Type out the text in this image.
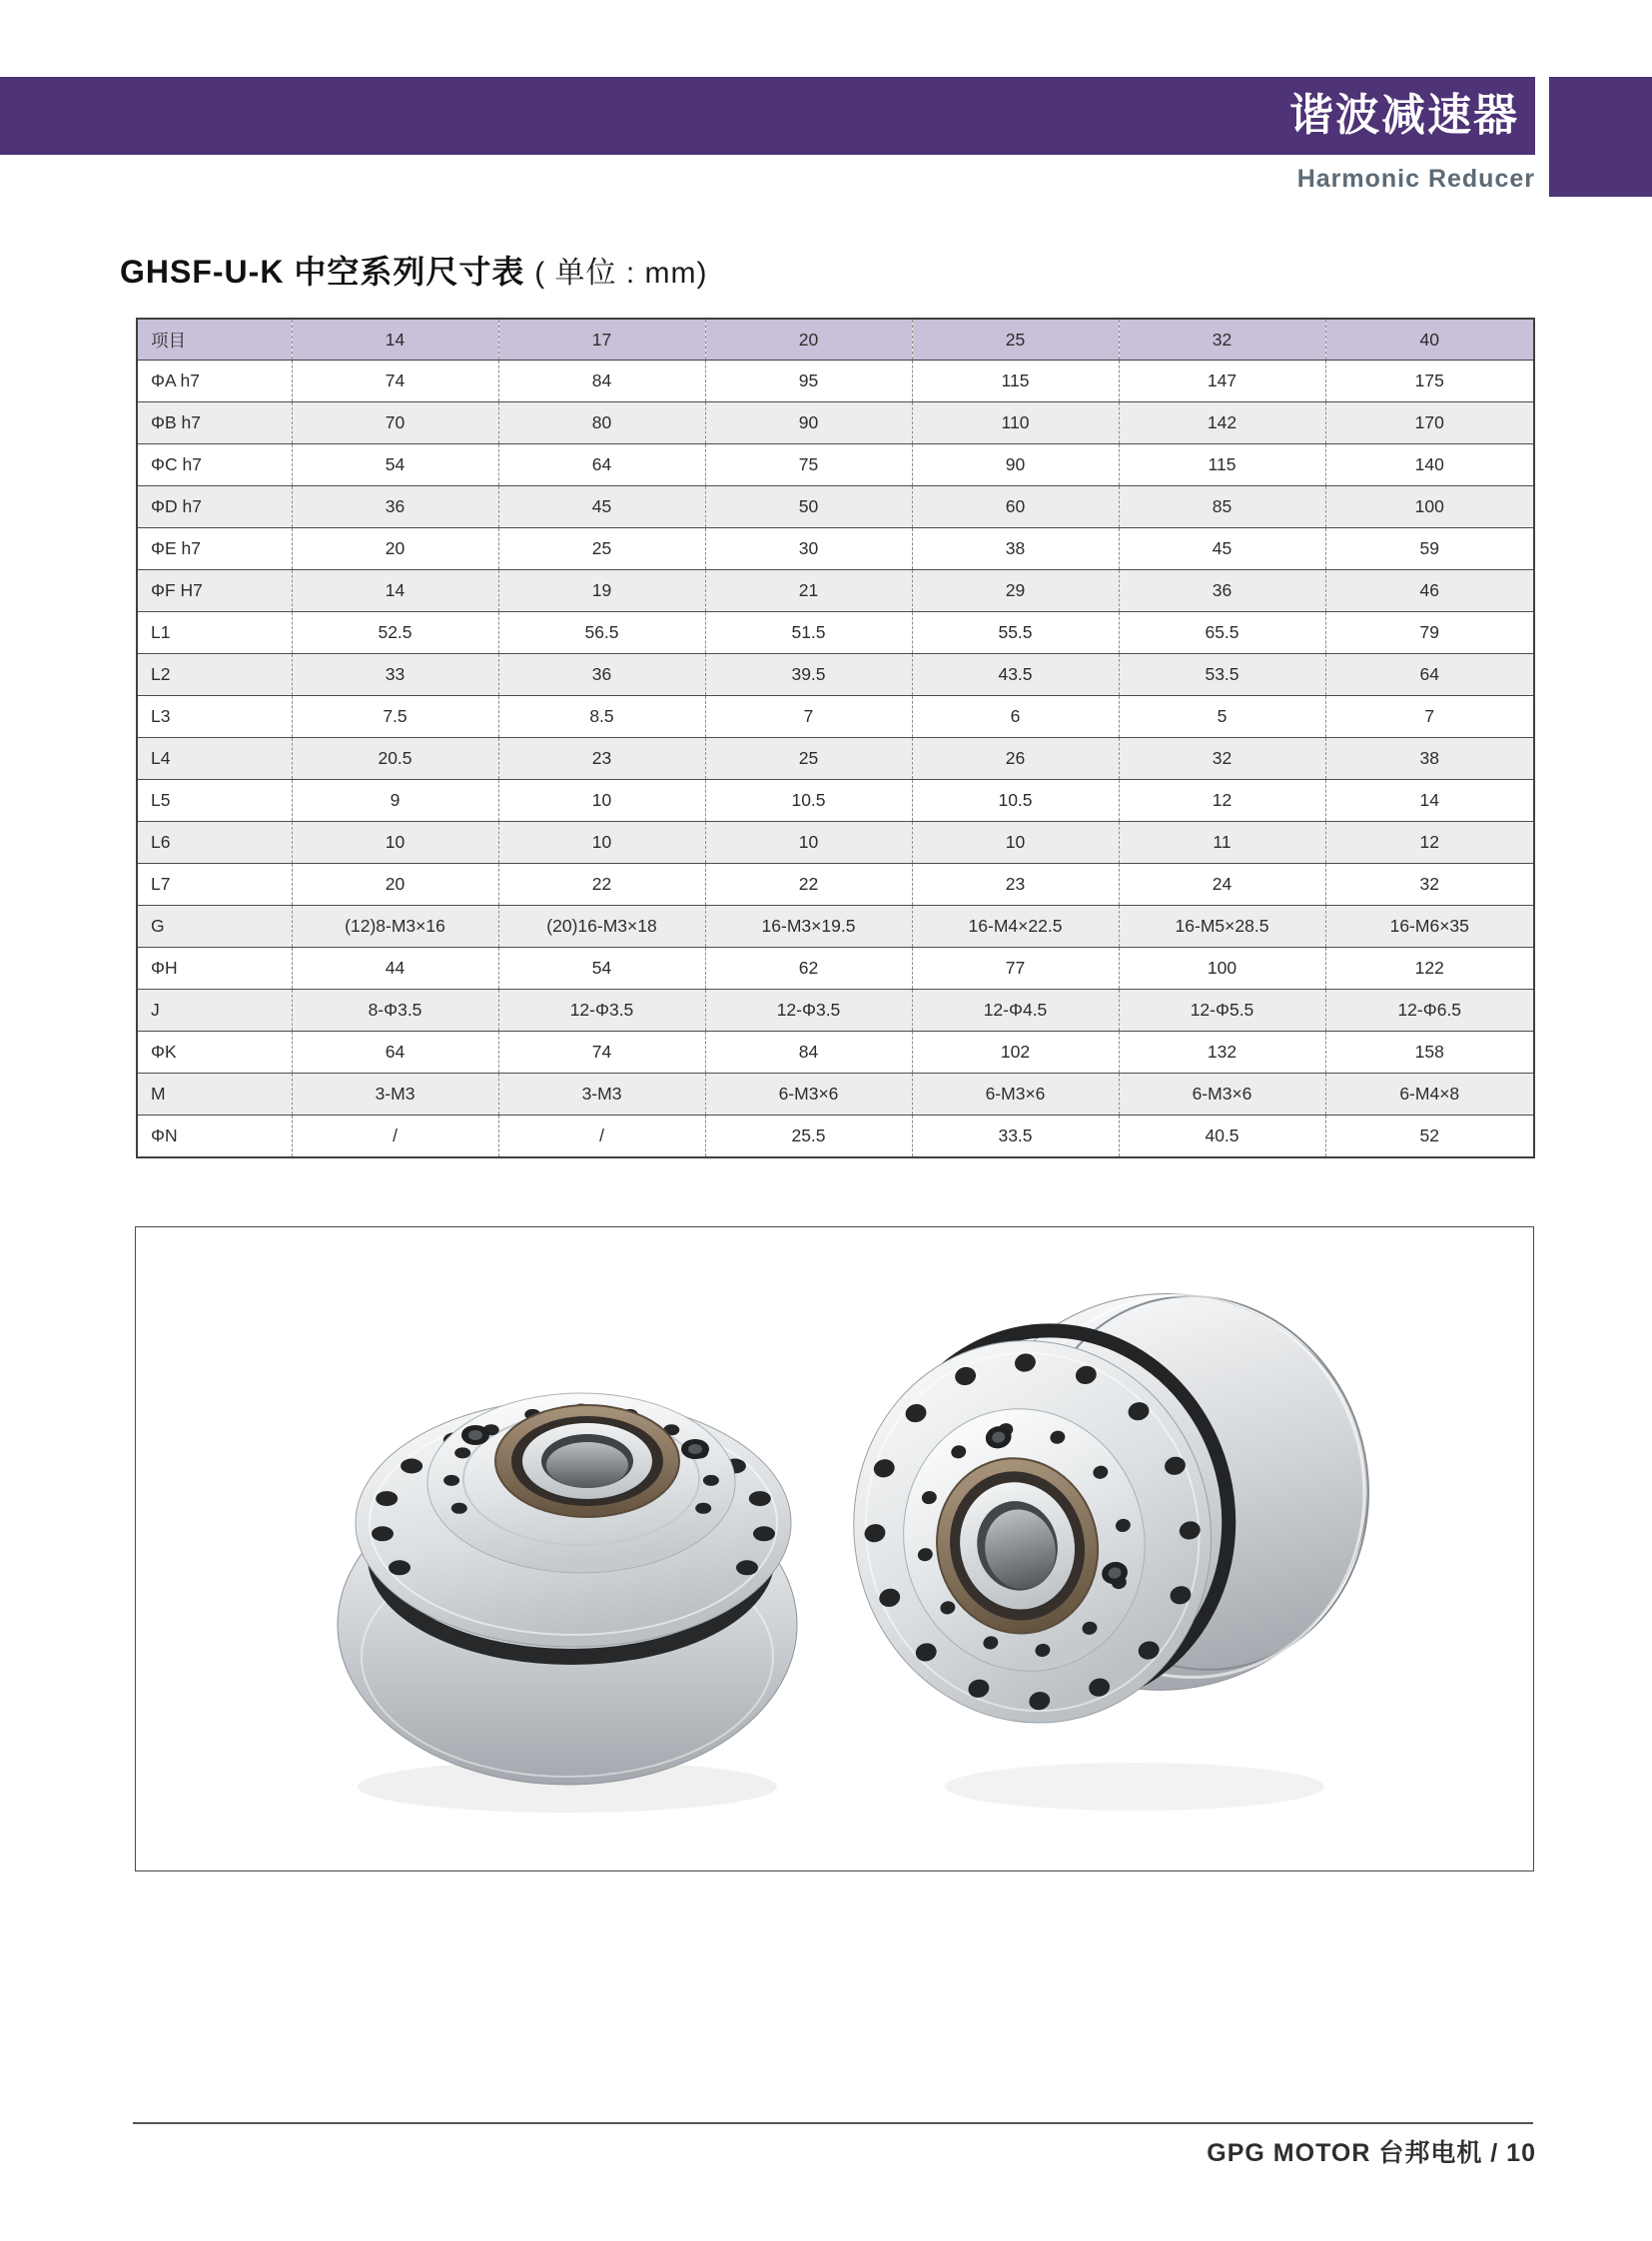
谐波减速器
Harmonic Reducer
GHSF-U-K 中空系列尺寸表 ( 单位 : mm)
项目	14	17	20	25	32	40
ΦA h7	74	84	95	115	147	175
ΦB h7	70	80	90	110	142	170
ΦC h7	54	64	75	90	115	140
ΦD h7	36	45	50	60	85	100
ΦE h7	20	25	30	38	45	59
ΦF H7	14	19	21	29	36	46
L1	52.5	56.5	51.5	55.5	65.5	79
L2	33	36	39.5	43.5	53.5	64
L3	7.5	8.5	7	6	5	7
L4	20.5	23	25	26	32	38
L5	9	10	10.5	10.5	12	14
L6	10	10	10	10	11	12
L7	20	22	22	23	24	32
G	(12)8-M3×16	(20)16-M3×18	16-M3×19.5	16-M4×22.5	16-M5×28.5	16-M6×35
ΦH	44	54	62	77	100	122
J	8-Φ3.5	12-Φ3.5	12-Φ3.5	12-Φ4.5	12-Φ5.5	12-Φ6.5
ΦK	64	74	84	102	132	158
M	3-M3	3-M3	6-M3×6	6-M3×6	6-M3×6	6-M4×8
ΦN	/	/	25.5	33.5	40.5	52
GPG MOTOR 台邦电机 / 10
